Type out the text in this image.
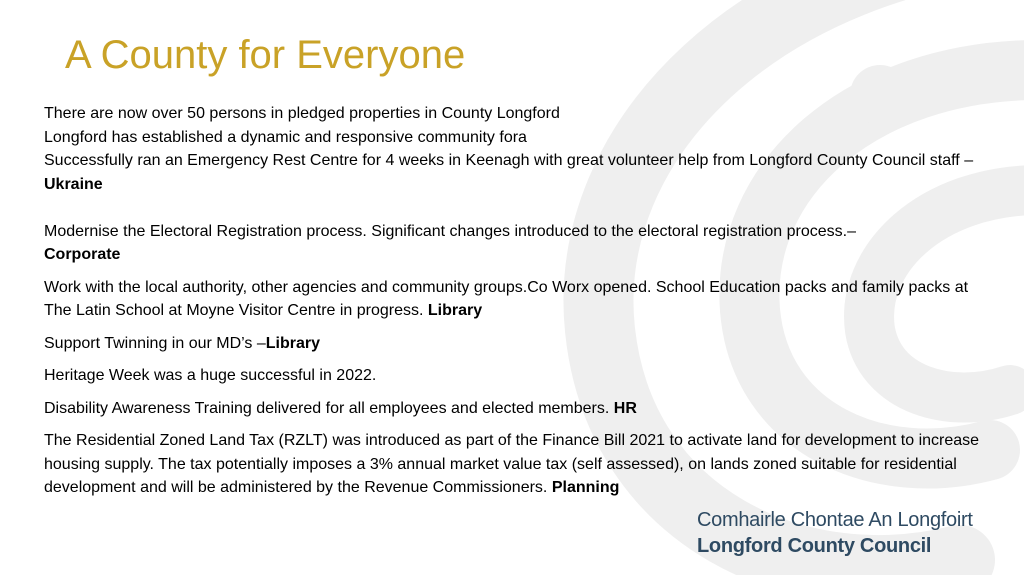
A County for Everyone

There are now over 50 persons in pledged properties in County Longford
Longford has established a dynamic and responsive community fora
Successfully ran an Emergency Rest Centre for 4 weeks in Keenagh with great volunteer help from Longford County Council staff –Ukraine

Modernise the Electoral Registration process. Significant changes introduced to the electoral registration process.–
Corporate

Work with the local authority, other agencies and community groups.Co Worx opened. School Education packs and family packs at The Latin School at Moyne Visitor Centre in progress. Library

Support Twinning in our MD’s –Library

Heritage Week was a huge successful in 2022.

Disability Awareness Training delivered for all employees and elected members. HR

The Residential Zoned Land Tax (RZLT) was introduced as part of the Finance Bill 2021 to activate land for development to increase housing supply. The tax potentially imposes a 3% annual market value tax (self assessed), on lands zoned suitable for residential development and will be administered by the Revenue Commissioners. Planning

Comhairle Chontae An Longfoirt
Longford County Council
